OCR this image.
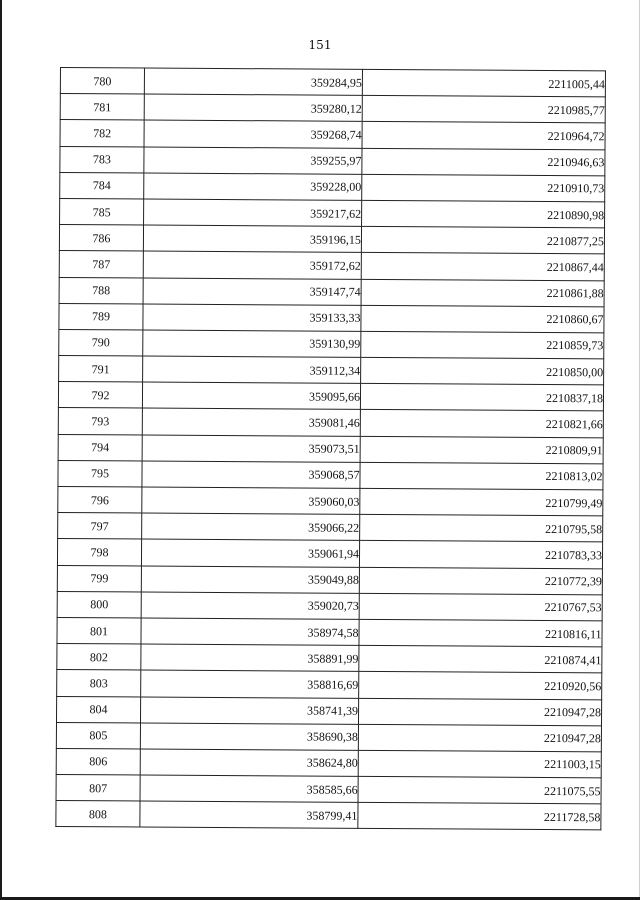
151
780	359284,95	2211005,44
781	359280,12	2210985,77
782	359268,74	2210964,72
783	359255,97	2210946,63
784	359228,00	2210910,73
785	359217,62	2210890,98
786	359196,15	2210877,25
787	359172,62	2210867,44
788	359147,74	2210861,88
789	359133,33	2210860,67
790	359130,99	2210859,73
791	359112,34	2210850,00
792	359095,66	2210837,18
793	359081,46	2210821,66
794	359073,51	2210809,91
795	359068,57	2210813,02
796	359060,03	2210799,49
797	359066,22	2210795,58
798	359061,94	2210783,33
799	359049,88	2210772,39
800	359020,73	2210767,53
801	358974,58	2210816,11
802	358891,99	2210874,41
803	358816,69	2210920,56
804	358741,39	2210947,28
805	358690,38	2210947,28
806	358624,80	2211003,15
807	358585,66	2211075,55
808	358799,41	2211728,58
